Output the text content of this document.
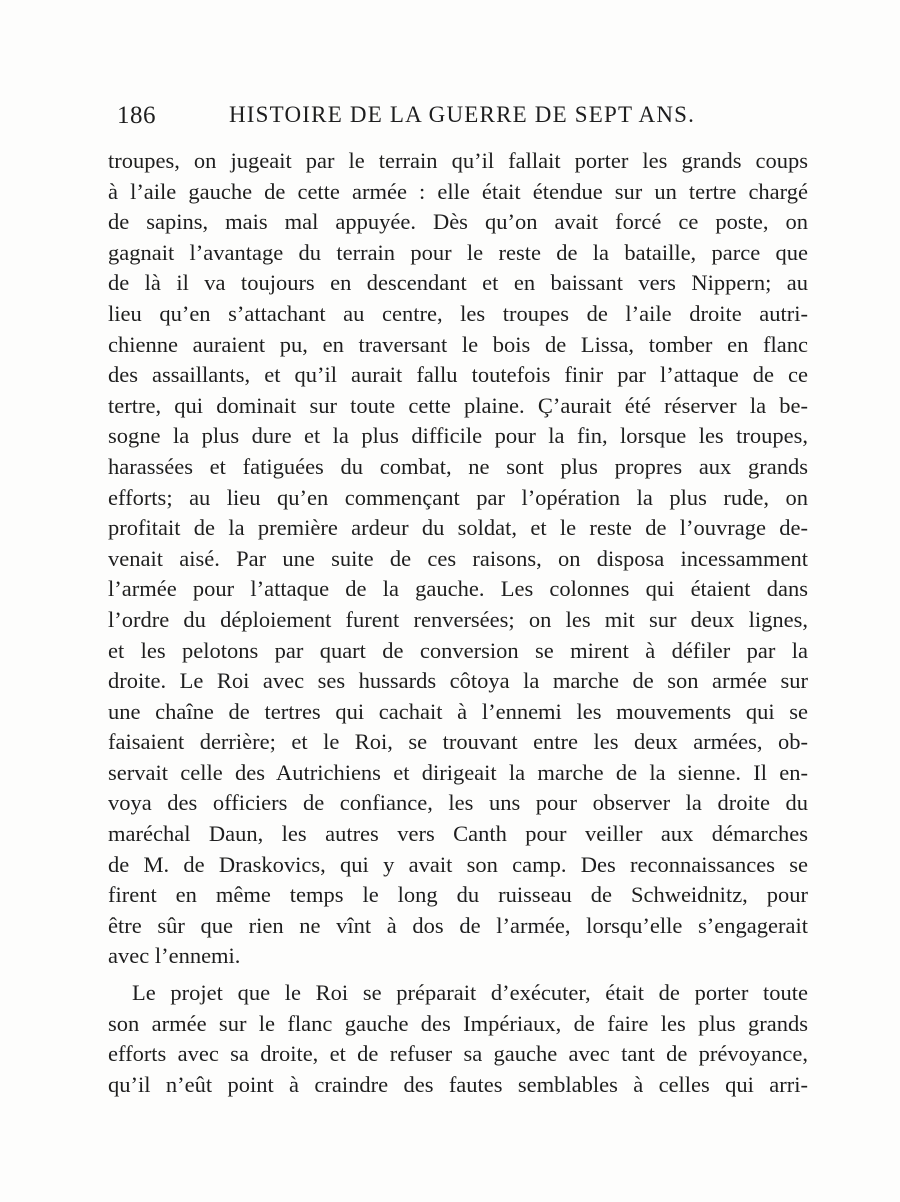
186	HISTOIRE DE LA GUERRE DE SEPT ANS.
troupes, on jugeait par le terrain qu’il fallait porter les grands coups
à l’aile gauche de cette armée : elle était étendue sur un tertre chargé
de sapins, mais mal appuyée. Dès qu’on avait forcé ce poste, on
gagnait l’avantage du terrain pour le reste de la bataille, parce que
de là il va toujours en descendant et en baissant vers Nippern; au
lieu qu’en s’attachant au centre, les troupes de l’aile droite autri-
chienne auraient pu, en traversant le bois de Lissa, tomber en flanc
des assaillants, et qu’il aurait fallu toutefois finir par l’attaque de ce
tertre, qui dominait sur toute cette plaine. Ç’aurait été réserver la be-
sogne la plus dure et la plus difficile pour la fin, lorsque les troupes,
harassées et fatiguées du combat, ne sont plus propres aux grands
efforts; au lieu qu’en commençant par l’opération la plus rude, on
profitait de la première ardeur du soldat, et le reste de l’ouvrage de-
venait aisé. Par une suite de ces raisons, on disposa incessamment
l’armée pour l’attaque de la gauche. Les colonnes qui étaient dans
l’ordre du déploiement furent renversées; on les mit sur deux lignes,
et les pelotons par quart de conversion se mirent à défiler par la
droite. Le Roi avec ses hussards côtoya la marche de son armée sur
une chaîne de tertres qui cachait à l’ennemi les mouvements qui se
faisaient derrière; et le Roi, se trouvant entre les deux armées, ob-
servait celle des Autrichiens et dirigeait la marche de la sienne. Il en-
voya des officiers de confiance, les uns pour observer la droite du
maréchal Daun, les autres vers Canth pour veiller aux démarches
de M. de Draskovics, qui y avait son camp. Des reconnaissances se
firent en même temps le long du ruisseau de Schweidnitz, pour
être sûr que rien ne vînt à dos de l’armée, lorsqu’elle s’engagerait
avec l’ennemi.
Le projet que le Roi se préparait d’exécuter, était de porter toute
son armée sur le flanc gauche des Impériaux, de faire les plus grands
efforts avec sa droite, et de refuser sa gauche avec tant de prévoyance,
qu’il n’eût point à craindre des fautes semblables à celles qui arri-
